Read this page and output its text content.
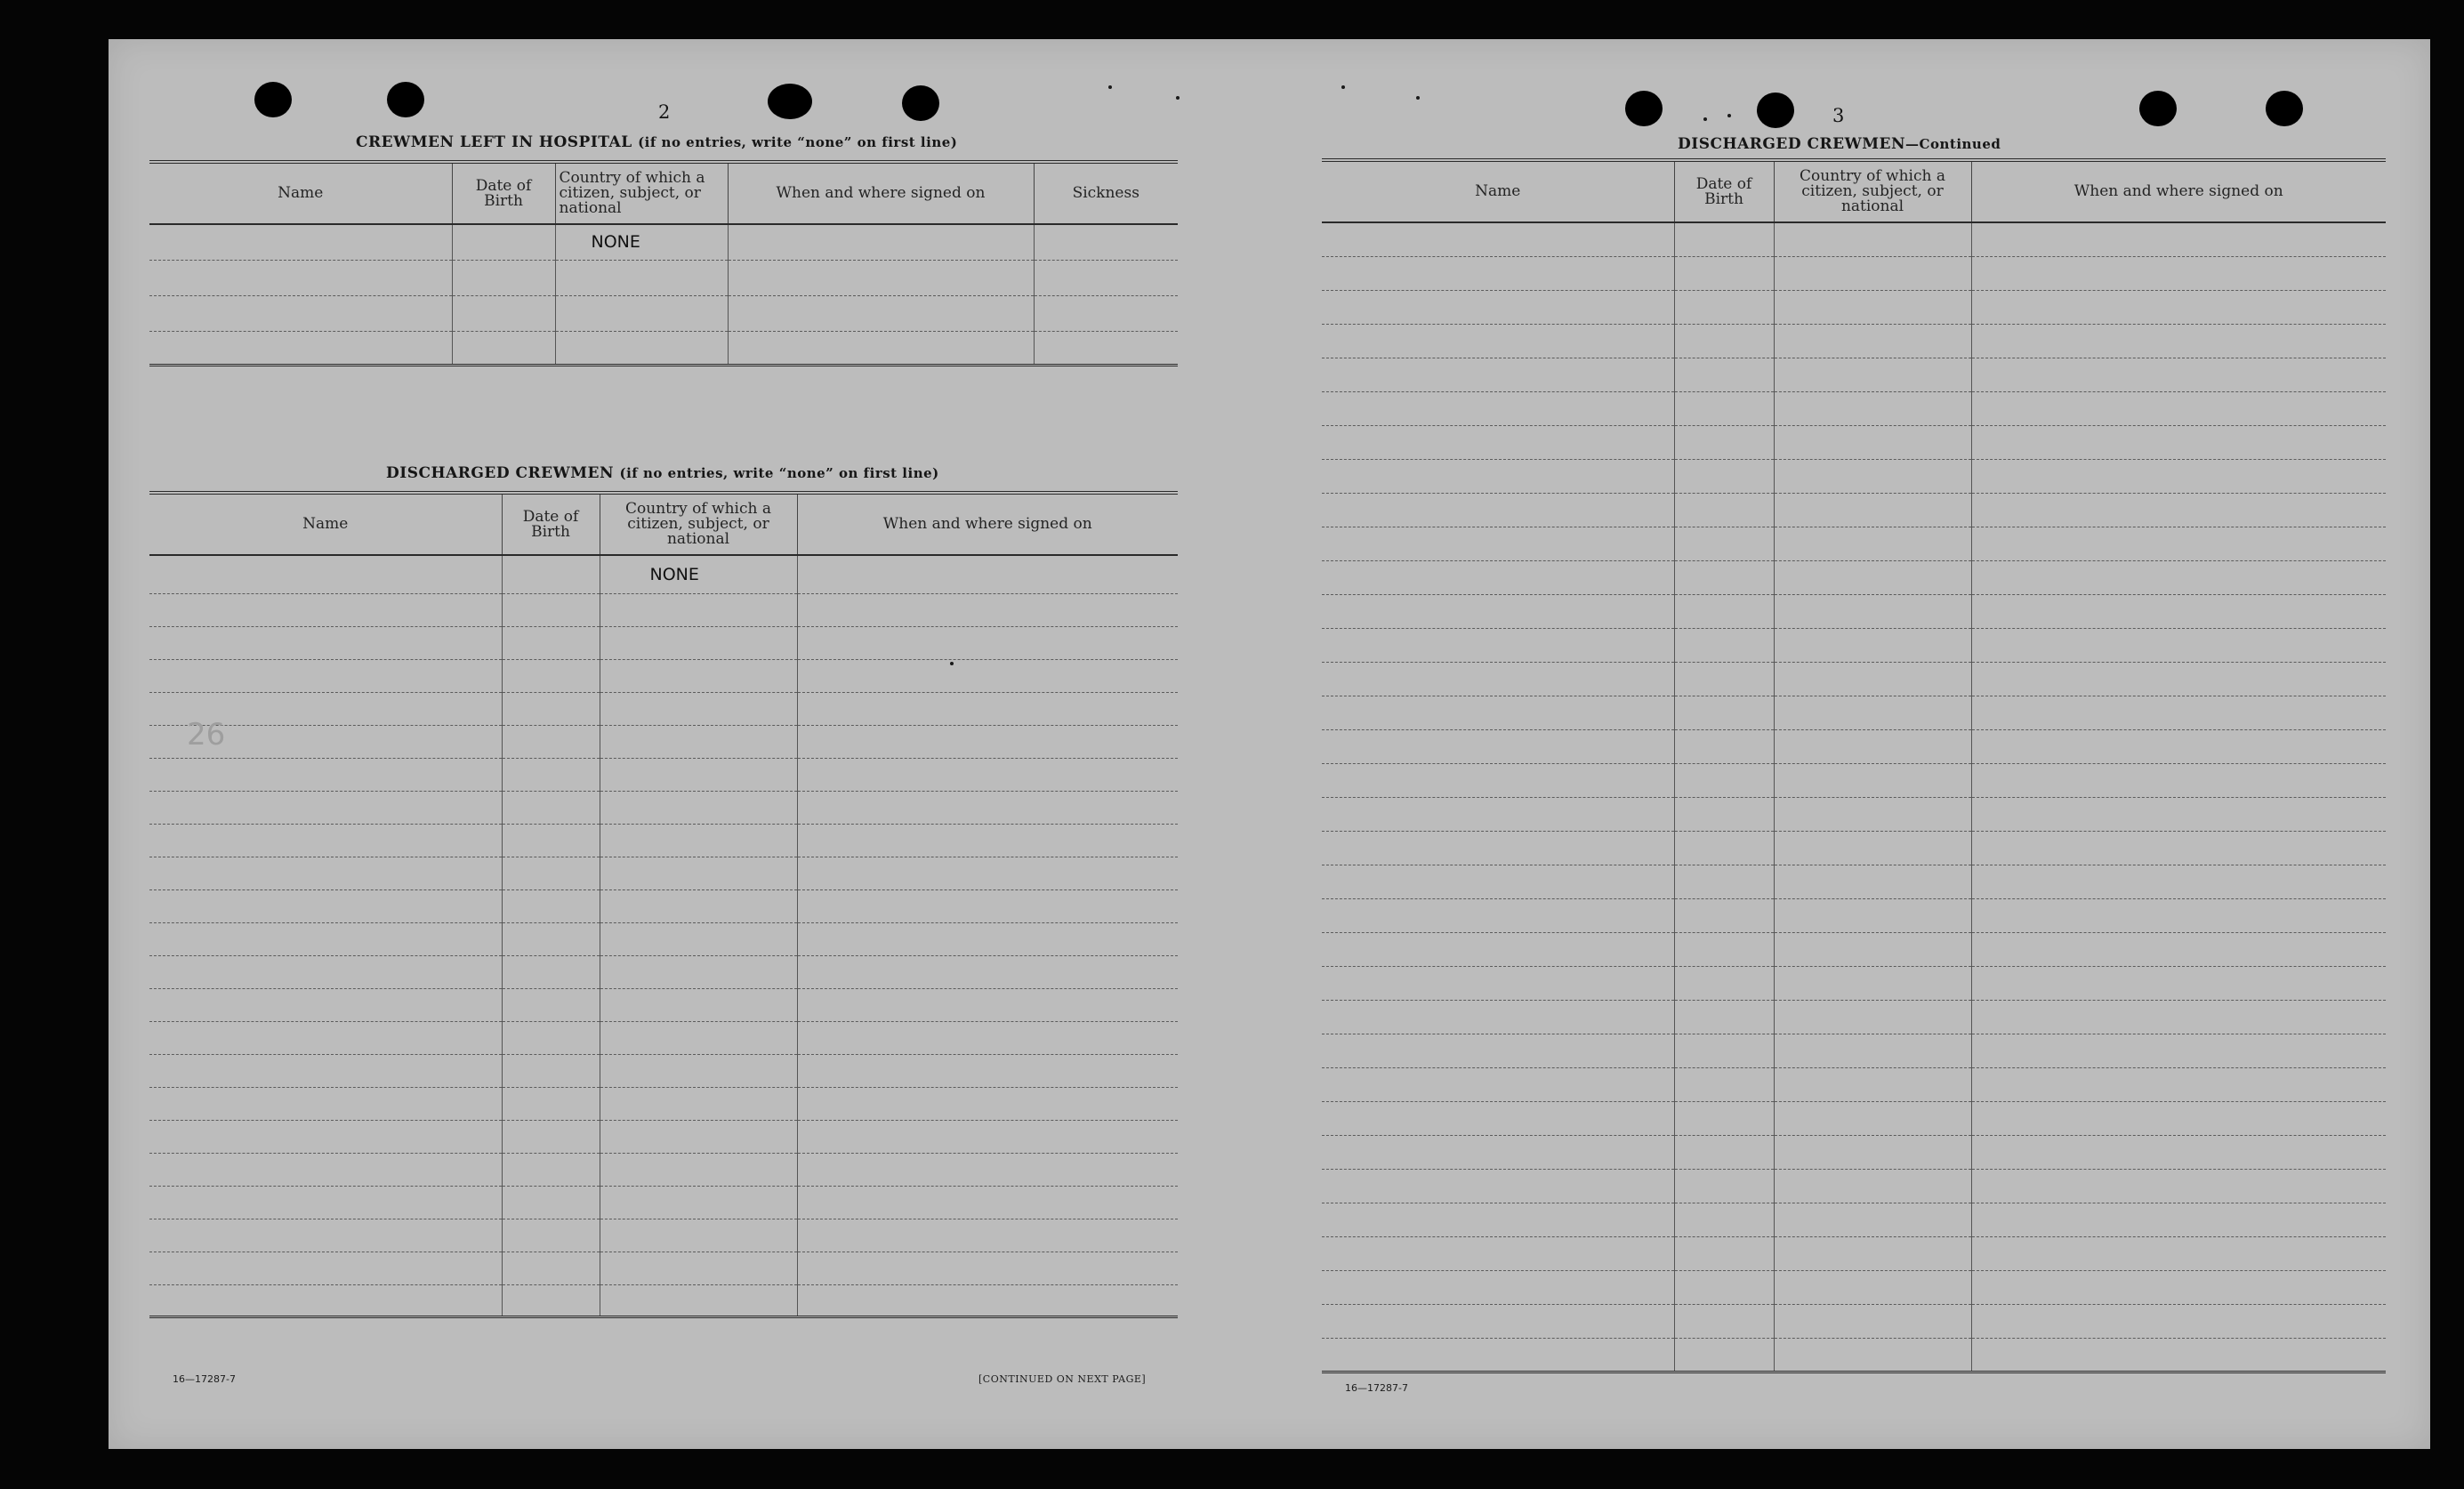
2
CREWMEN LEFT IN HOSPITAL (if no entries, write “none” on first line)
Name	Date of Birth	Country of which a citizen, subject, or national	When and where signed on	Sickness
		NONE		

DISCHARGED CREWMEN (if no entries, write “none” on first line)
Name	Date of Birth	Country of which a citizen, subject, or national	When and where signed on
		NONE	

26
16—17287-7	[CONTINUED ON NEXT PAGE]
3
DISCHARGED CREWMEN—Continued
Name	Date of Birth	Country of which a citizen, subject, or national	When and where signed on

16—17287-7
